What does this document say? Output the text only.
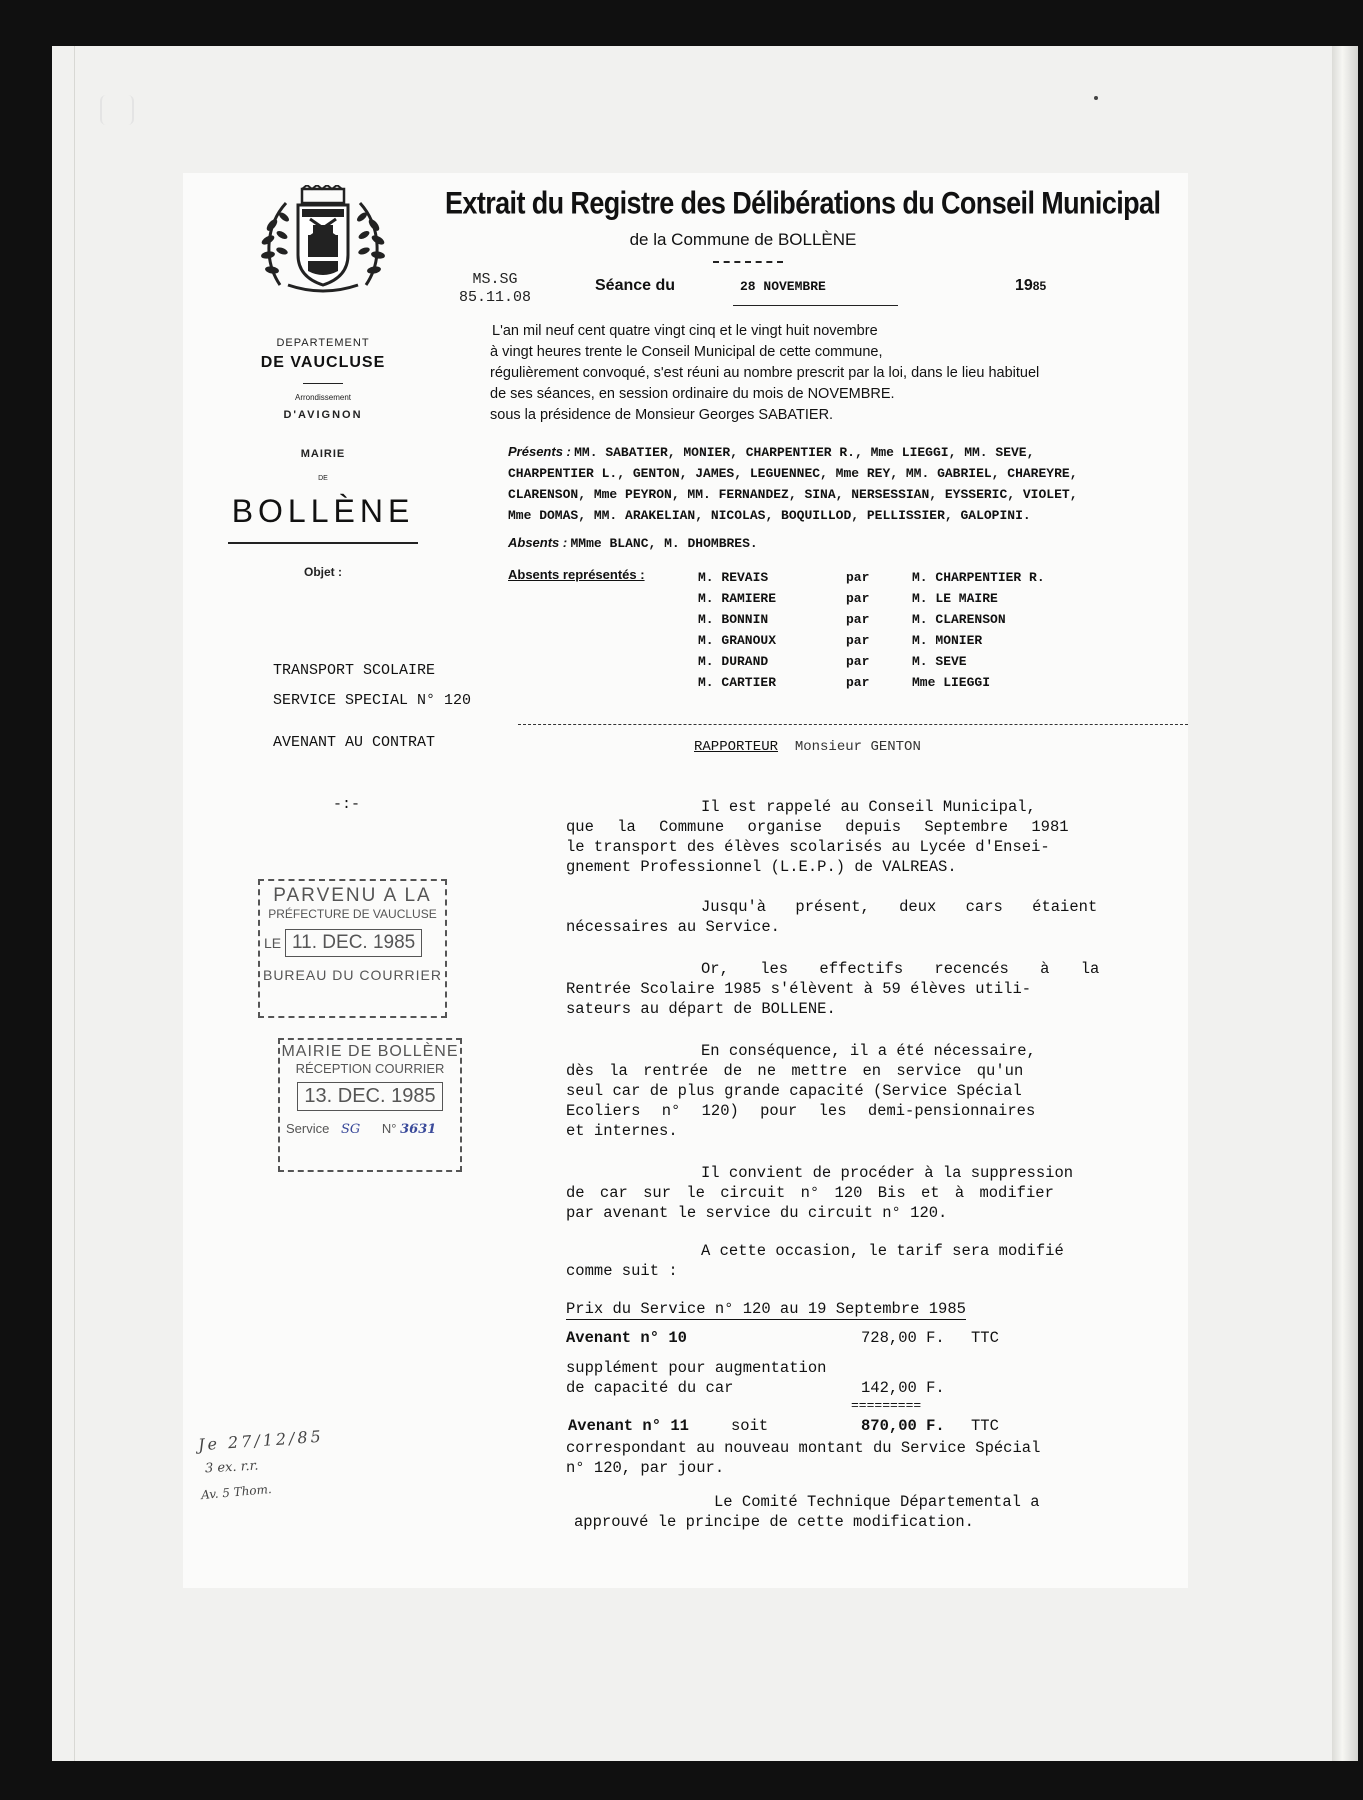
DEPARTEMENT
DE VAUCLUSE
Arrondissement
D'AVIGNON
MAIRIE
DE
BOLLÈNE
Objet :
TRANSPORT SCOLAIRE
SERVICE SPECIAL N° 120
AVENANT AU CONTRAT
-:-
Extrait du Registre des Délibérations du Conseil Municipal
de la Commune de BOLLÈNE
MS.SG
85.11.08
Séance du	28 NOVEMBRE	1985
L'an mil neuf cent quatre vingt cinq et le vingt huit novembre
à vingt heures trente le Conseil Municipal de cette commune,
régulièrement convoqué, s'est réuni au nombre prescrit par la loi, dans le lieu habituel
de ses séances, en session ordinaire du mois de NOVEMBRE.
sous la présidence de Monsieur Georges SABATIER.
Présents : MM. SABATIER, MONIER, CHARPENTIER R., Mme LIEGGI, MM. SEVE,
CHARPENTIER L., GENTON, JAMES, LEGUENNEC, Mme REY, MM. GABRIEL, CHAREYRE,
CLARENSON, Mme PEYRON, MM. FERNANDEZ, SINA, NERSESSIAN, EYSSERIC, VIOLET,
Mme DOMAS, MM. ARAKELIAN, NICOLAS, BOQUILLOD, PELLISSIER, GALOPINI.
Absents : MMme BLANC, M. DHOMBRES.
Absents représentés :	M. REVAIS	par	M. CHARPENTIER R.
M. RAMIERE	par	M. LE MAIRE
M. BONNIN	par	M. CLARENSON
M. GRANOUX	par	M. MONIER
M. DURAND	par	M. SEVE
M. CARTIER	par	Mme LIEGGI
RAPPORTEUR Monsieur GENTON
Il est rappelé au Conseil Municipal,
que la Commune organise depuis Septembre 1981
le transport des élèves scolarisés au Lycée d'Ensei-
gnement Professionnel (L.E.P.) de VALREAS.
Jusqu'à présent, deux cars étaient
nécessaires au Service.
Or, les effectifs recencés à la
Rentrée Scolaire 1985 s'élèvent à 59 élèves utili-
sateurs au départ de BOLLENE.
En conséquence, il a été nécessaire,
dès la rentrée de ne mettre en service qu'un
seul car de plus grande capacité (Service Spécial
Ecoliers n° 120) pour les demi-pensionnaires
et internes.
Il convient de procéder à la suppression
de car sur le circuit n° 120 Bis et à modifier
par avenant le service du circuit n° 120.
A cette occasion, le tarif sera modifié
comme suit :
Prix du Service n° 120 au 19 Septembre 1985
Avenant n° 10	728,00 F. TTC
supplément pour augmentation
de capacité du car	142,00 F.
=========
Avenant n° 11	soit	870,00 F. TTC
correspondant au nouveau montant du Service Spécial
n° 120, par jour.
Le Comité Technique Départemental a
approuvé le principe de cette modification.
PARVENU A LA
PRÉFECTURE DE VAUCLUSE
LE 11. DEC. 1985
BUREAU DU COURRIER
MAIRIE DE BOLLÈNE
RÉCEPTION COURRIER
13. DEC. 1985
Service SG N° 3631
Je 27/12/85
3 ex. r.r.
Av. 5 Thom.
